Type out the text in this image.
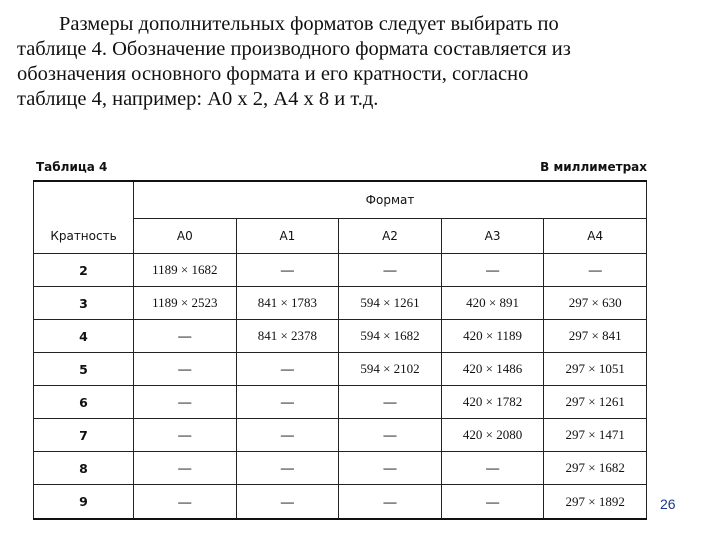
Размеры дополнительных форматов следует выбирать по
таблице 4. Обозначение производного формата составляется из
обозначения основного формата и его кратности, согласно
таблице 4, например: А0 х 2, А4 х 8 и т.д.

Таблица 4	В миллиметрах
	Формат				
Кратность	А0	А1	А2	А3	А4
2	1189 × 1682	—	—	—	—
3	1189 × 2523	841 × 1783	594 × 1261	420 × 891	297 × 630
4	—	841 × 2378	594 × 1682	420 × 1189	297 × 841
5	—	—	594 × 2102	420 × 1486	297 × 1051
6	—	—	—	420 × 1782	297 × 1261
7	—	—	—	420 × 2080	297 × 1471
8	—	—	—	—	297 × 1682
9	—	—	—	—	297 × 1892	26
